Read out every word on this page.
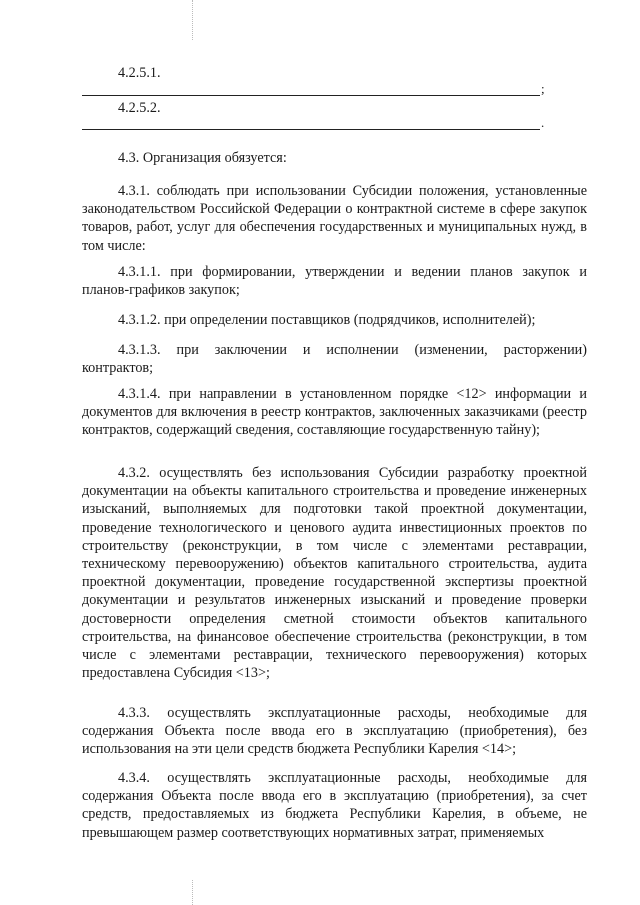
4.2.5.1.
;
4.2.5.2.
.

4.3. Организация обязуется:

4.3.1. соблюдать при использовании Субсидии положения, установленные законодательством Российской Федерации о контрактной системе в сфере закупок товаров, работ, услуг для обеспечения государственных и муниципальных нужд, в том числе:

4.3.1.1. при формировании, утверждении и ведении планов закупок и планов-графиков закупок;

4.3.1.2. при определении поставщиков (подрядчиков, исполнителей);

4.3.1.3. при заключении и исполнении (изменении, расторжении) контрактов;

4.3.1.4. при направлении в установленном порядке <12> информации и документов для включения в реестр контрактов, заключенных заказчиками (реестр контрактов, содержащий сведения, составляющие государственную тайну);

4.3.2. осуществлять без использования Субсидии разработку проектной документации на объекты капитального строительства и проведение инженерных изысканий, выполняемых для подготовки такой проектной документации, проведение технологического и ценового аудита инвестиционных проектов по строительству (реконструкции, в том числе с элементами реставрации, техническому перевооружению) объектов капитального строительства, аудита проектной документации, проведение государственной экспертизы проектной документации и результатов инженерных изысканий и проведение проверки достоверности определения сметной стоимости объектов капитального строительства, на финансовое обеспечение строительства (реконструкции, в том числе с элементами реставрации, технического перевооружения) которых предоставлена Субсидия <13>;

4.3.3. осуществлять эксплуатационные расходы, необходимые для содержания Объекта после ввода его в эксплуатацию (приобретения), без использования на эти цели средств бюджета Республики Карелия <14>;

4.3.4. осуществлять эксплуатационные расходы, необходимые для содержания Объекта после ввода его в эксплуатацию (приобретения), за счет средств, предоставляемых из бюджета Республики Карелия, в объеме, не превышающем размер соответствующих нормативных затрат, применяемых
